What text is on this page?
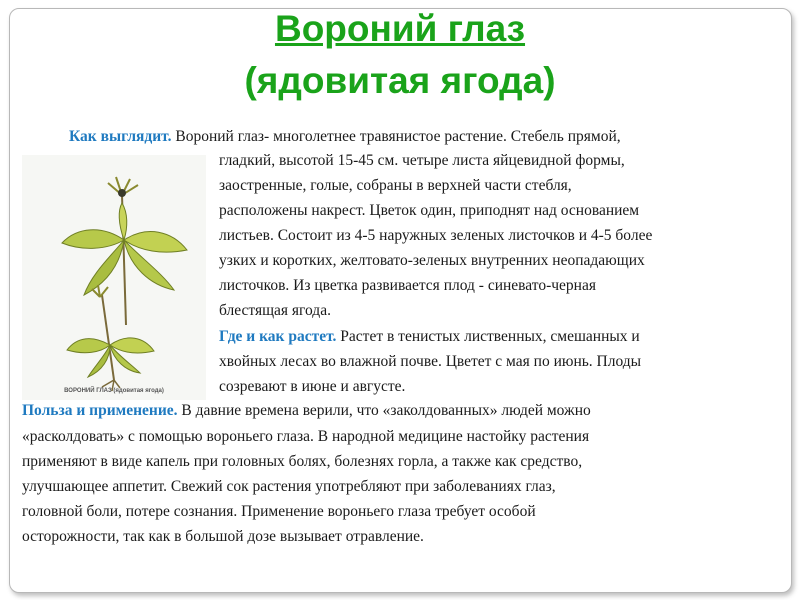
Вороний глаз
(ядовитая ягода)
ВОРОНИЙ ГЛАЗ (ядовитая ягода)

Как выглядит. Вороний глаз- многолетнее травянистое растение. Стебель прямой,

гладкий, высотой 15-45 см. четыре листа яйцевидной формы,

заостренные, голые, собраны в верхней части стебля,

расположены накрест. Цветок один, приподнят над основанием

листьев. Состоит из 4-5 наружных зеленых листочков и 4-5 более

узких и коротких, желтовато-зеленых внутренних неопадающих

листочков. Из цветка развивается плод - синевато-черная

блестящая ягода.

Где и как растет. Растет в тенистых лиственных, смешанных и

хвойных лесах во влажной почве. Цветет с мая по июнь. Плоды

созревают в июне и августе.

Польза и применение. В давние времена верили, что «заколдованных» людей можно

«расколдовать» с помощью вороньего глаза. В народной медицине настойку растения

применяют в виде капель при головных болях, болезнях горла, а также как средство,

улучшающее аппетит. Свежий сок растения употребляют при заболеваниях глаз,

головной боли, потере сознания. Применение вороньего глаза требует особой

осторожности, так как в большой дозе вызывает отравление.
